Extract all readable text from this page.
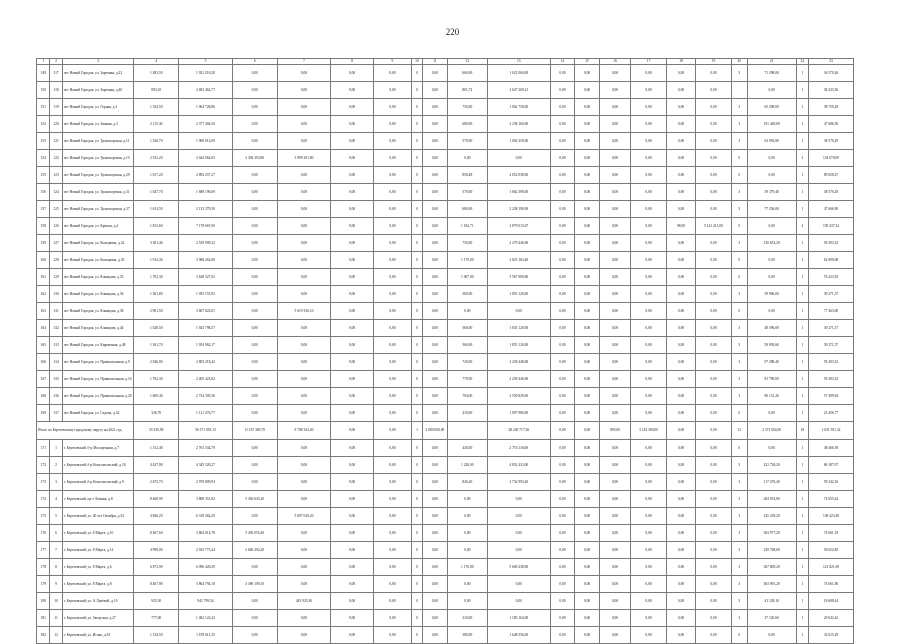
220
1	2	3	4	5	6	7	8	9	10	11	12	13	14	15	16	17	18	19	20	21	22	23
149	117	пгт Новый Городок, ул. Заречная, д.22	1 483,50	1 921 218,20	0,00	0,00	0,00	0,00	0	0,00	660,00	1 021 060,00	0,00	0,00	0,00	0,00	0,00	0,00	3	71 298,00	1	36 570,26
150	118	пгт Новый Городок, ул. Заречная, д.40	893,10	2 683 462,77	0,00	0,00	0,00	0,00	0	0,00	801,72	2 627 269,21	0,00	0,00	0,00	0,00	0,00	0,00		0,00	1	36 323,56
151	119	пгт Новый Городок, ул. Горная, д.3	1 354,50	1 964 728,86	0,00	0,00	0,00	0,00	0	0,00	750,00	1 002 750,00	0,00	0,00	0,00	0,00	0,00	0,00	3	65 298,00	1	38 750,29
152	120	пгт Новый Городок, ул. Зимняя, д.3	2 115,30	2 377 404,50	0,00	0,00	0,00	0,00	0	0,00	680,00	2 238 160,00	0,00	0,00	0,00	0,00	0,00	0,00	3	191 448,00	1	47 686,50
153	121	пгт Новый Городок, ул. Транспортная, д.11	1 326,70	1 906 012,09	0,00	0,00	0,00	0,00	0	0,00	570,00	1 002 350,00	0,00	0,00	0,00	0,00	0,00	0,00	3	63 092,80	1	38 570,29
154	122	пгт Новый Городок, ул. Транспортная, д.15	2 532,20	3 444 062,63	3 394 393,80	3 899 291,80	0,00	0,00	0	0,00	0,00	0,00	0,00	0,00	0,00	0,00	0,00	0,00	0	0,00	2	134 070,00
155	123	пгт Новый Городок, ул. Транспортная, д.29	1 617,20	2 892 257,27	0,00	0,00	0,00	0,00	0	0,00	858,48	2 052 038,00	0,00	0,00	0,00	0,00	0,00	0,00	0	0,00	1	89 658,47
156	124	пгт Новый Городок, ул. Транспортная, д.31	1 047,70	1 688 196,69	0,00	0,00	0,00	0,00	0	0,00	570,00	1 662 390,00	0,00	0,00	0,00	0,00	0,00	0,00	3	59 379,40	1	38 570,29
157	125	пгт Новый Городок, ул. Транспортная, д.37	1 613,50	2 133 379,30	0,00	0,00	0,00	0,00	0	0,00	680,00	2 238 190,00	0,00	0,00	0,00	0,00	0,00	0,00	3	77 256,00	1	47 666,90
158	126	пгт Новый Городок, ул. Кремля, д.4	1 813,60	7 178 667,69	0,00	0,00	0,00	0,00	0	0,00	1 182,71	3 879 013,67	0,00	0,00	0,00	0,00	98,00	5 141 413,00	0	0,00	2	159 237,32
159	127	пгт Новый Городок, ул. Кольцевая, д.32	3 301,46	2 539 999,32	0,00	0,00	0,00	0,00	0	0,00	750,00	2 279 446,00	0,00	0,00	0,00	0,00	0,00	0,00	3	130 653,20	1	50 493,52
160	128	пгт Новый Городок, ул. Кольцевая, д.35	1 912,30	3 968 262,68	0,00	0,00	0,00	0,00	0	0,00	1 170,00	2 653 163,40	0,00	0,00	0,00	0,00	0,00	0,00	0	0,00	1	62 690,08
161	129	пгт Новый Городок, ул. Клинцова, д.35	1 702,30	3 628 327,02	0,00	0,00	0,00	0,00	0	0,00	1 067,00	3 567 009,60	0,00	0,00	0,00	0,00	0,00	0,00	0	0,00	1	76 223,92
162	130	пгт Новый Городок, ул. Клинцова, д.36	1 361,80	1 955 155,95	0,00	0,00	0,00	0,00	0	0,00	560,00	1 855 120,00	0,00	0,00	0,00	0,00	0,00	0,00	3	59 906,00	1	39 271,57
163	131	пгт Новый Городок, ул. Клинцова, д.38	2 961,50	3 667 822,01	0,00	5 619 336,10	0,00	0,00	0	0,00	0,00	0,00	0,00	0,00	0,00	0,00	0,00	0,00	0	0,00	1	77 263,00
164	132	пгт Новый Городок, ул. Клинцова, д.44	1 028,50	1 923 798,37	0,00	0,00	0,00	0,00	0	0,00	560,00	1 835 120,00	0,00	0,00	0,00	0,00	0,00	0,00	3	48 396,00	1	39 271,57
165	133	пгт Новый Городок, ул. Кирпичная, д.48	1 361,70	1 954 962,17	0,00	0,00	0,00	0,00	0	0,00	560,00	1 855 120,00	0,00	0,00	0,00	0,00	0,00	0,00	3	59 903,60	1	39 271,57
166	134	пгт Новый Городок, ул. Привокзальная, д.9	2 026,00	2 805 218,42	0,00	0,00	0,00	0,00	0	0,00	720,00	2 239 448,00	0,00	0,00	0,00	0,00	0,00	0,00	3	97 288,40	1	59 493,52
167	135	пгт Новый Городок, ул. Привокзальная, д.16	1 702,30	2 405 423,62	0,00	0,00	0,00	0,00	0	0,00	770,00	2 239 446,00	0,00	0,00	0,00	0,00	0,00	0,00	3	81 790,00	1	59 493,52
168	136	пгт Новый Городок, ул. Привокзальная, д.20	1 669,40	2 734 395,36	0,00	0,00	0,00	0,00	0	0,00	794,00	2 550 839,00	0,00	0,00	0,00	0,00	0,00	0,00	3	80 131,20	1	57 499,94
169	137	пгт Новый Городок, ул. Садова, д.42	326,70	1 121 476,77	0,00	0,00	0,00	0,00	0	0,00	410,00	1 097 980,00	0,00	0,00	0,00	0,00	0,00	0,00	0	0,00	1	23 456,77
Итого по Березовскому городскому округу на 2021 год			35 356,90	56 371 055,13	11 167 369,70	9 788 342,40	0,00	0,00	1	2 000 000,00		28 249 717,36	0,00	0,00	859,00	3 143 369,00	0,00	0,00	12	2 371 654,00	18	1 031 931,32
171	1	г. Березовский, б-р Молодежная, д.7	1 152,40	2 761 334,79	0,00	0,00	0,00	0,00	0	0,00	430,00	2 753 116,00	0,00	0,00	0,00	0,00	0,00	0,00	0	0,00	1	38 466,39
172	2	г. Березовский, б-р Комсомольский, д.18	4 427,90	4 345 320,27	0,00	0,00	0,00	0,00	0	0,00	1 220,00	4 852 433,00	0,00	0,00	0,00	0,00	0,00	0,00	3	221 738,20	1	86 187,07
173	3	г. Березовский, б-р Комсомольский, д.9	2 673,70	2 978 809,94	0,00	0,00	0,00	0,00	0	0,00	846,20	2 732 993,40	0,00	0,00	0,00	0,00	0,00	0,00	3	117 476,40	1	59 342,16
174	4	г. Березовский, пр-т Ленина, д.8	8 468,90	3 868 351,82	3 456 645,20	0,00	0,00	0,00	0	0,00	0,00	0,00	0,00	0,00	0,00	0,00	0,00	0,00	3	284 033,80	1	74 655,62
175	5	г. Березовский, ул. 40 лет Октября, д.54	4 846,20	6 318 362,29	0,00	5 807 020,20	0,00	0,00	0	0,00	0,00	0,00	0,00	0,00	0,00	0,00	0,00	0,00	3	235 238,20	1	138 423,49
176	6	г. Березовский, ул. 8 Марта, д.10	8 467,60	3 864 014,78	3 456 055,40	0,00	0,00	0,00	0	0,00	0,00	0,00	0,00	0,00	0,00	0,00	0,00	0,00	3	363 977,20	1	74 661,18
177	7	г. Березовский, ул. 8 Марта, д.12	4 999,00	2 923 773,24	2 846 292,20	0,00	0,00	0,00	0	0,00	0,00	0,00	0,00	0,00	0,00	0,00	0,00	0,00	3	239 768,00	1	56 652,85
178	8	г. Березовский, ул. 8 Марта, д.6	6 873,90	6 096 420,29	0,00	0,00	0,00	0,00	0	0,00	1 170,00	5 669 238,00	0,00	0,00	0,00	0,00	0,00	0,00	3	367 809,20	1	121 821,69
179	9	г. Березовский, ул. 8 Марта, д.8	8 467,90	3 864 794,10	3 496 109,10	0,00	0,00	0,00	0	0,00	0,00	0,00	0,00	0,00	0,00	0,00	0,00	0,00	3	363 991,20	1	74 661,86
180	10	г. Березовский, ул. А.Лунёвой, д.1б	925,30	941 799,54	0,00	481 925,30	0,00	0,00	0	0,00	0,00	0,00	0,00	0,00	0,00	0,00	0,00	0,00	3	41 128,10	1	18 688,44
181	11	г. Березовский, ул. Загорская, д.27	777,00	1 482 122,42	0,00	0,00	0,00	0,00	0	0,00	310,00	1 183 164,00	0,00	0,00	0,00	0,00	0,00	0,00	3	37 120,60	1	29 042,42
182	12	г. Березовский, ул. Исаак, д.54	1 134,50	1 678 611,35	0,00	0,00	0,00	0,00	0	0,00	380,00	1 648 556,00	0,00	0,00	0,00	0,00	0,00	0,00	0	0,00	1	32 615,29
